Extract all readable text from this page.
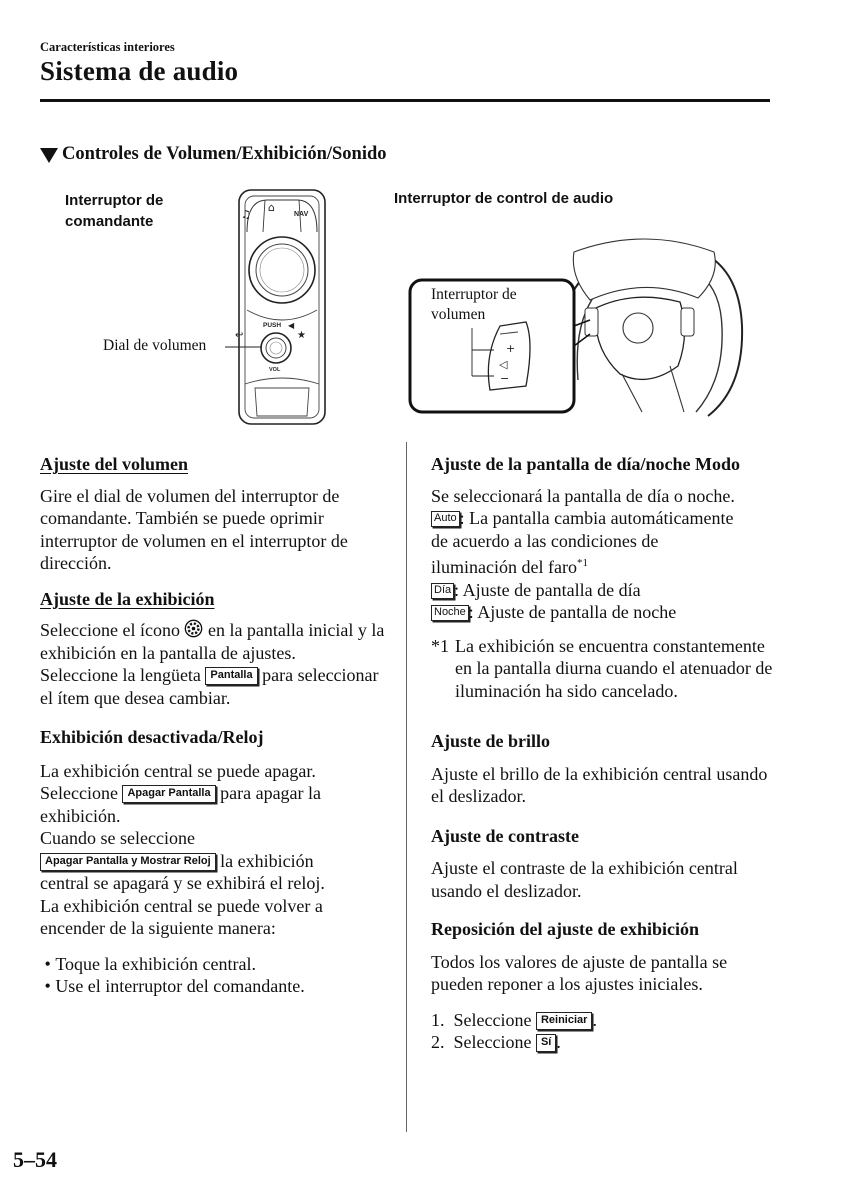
Características interiores
Sistema de audio
Controles de Volumen/Exhibición/Sonido
Interruptor de
comandante
Interruptor de control de audio
Dial de volumen
♫
⌂
NAV
↩
PUSH ◀
★
VOL
+
◁
−
Interruptor de
volumen

Ajuste del volumen

Gire el dial de volumen del interruptor de comandante. También se puede oprimir interruptor de volumen en el interruptor de dirección.

Ajuste de la exhibición

Seleccione el ícono en la pantalla inicial y la exhibición en la pantalla de ajustes.

Seleccione la lengüeta Pantalla para seleccionar el ítem que desea cambiar.

Exhibición desactivada/Reloj

La exhibición central se puede apagar.

Seleccione Apagar Pantalla para apagar la exhibición.

Cuando se seleccione

Apagar Pantalla y Mostrar Reloj la exhibición

central se apagará y se exhibirá el reloj.

La exhibición central se puede volver a encender de la siguiente manera:

• Toque la exhibición central.

• Use el interruptor del comandante.

Ajuste de la pantalla de día/noche Modo

Se seleccionará la pantalla de día o noche.

Auto : La pantalla cambia automáticamente

de acuerdo a las condiciones de

iluminación del faro$^{*1}$

Día : Ajuste de pantalla de día

Noche : Ajuste de pantalla de noche

*1 La exhibición se encuentra constantemente en la pantalla diurna cuando el atenuador de iluminación ha sido cancelado.

Ajuste de brillo

Ajuste el brillo de la exhibición central usando el deslizador.

Ajuste de contraste

Ajuste el contraste de la exhibición central usando el deslizador.

Reposición del ajuste de exhibición

Todos los valores de ajuste de pantalla se pueden reponer a los ajustes iniciales.

1. Seleccione Reiniciar .

2. Seleccione Sí .

5–54
